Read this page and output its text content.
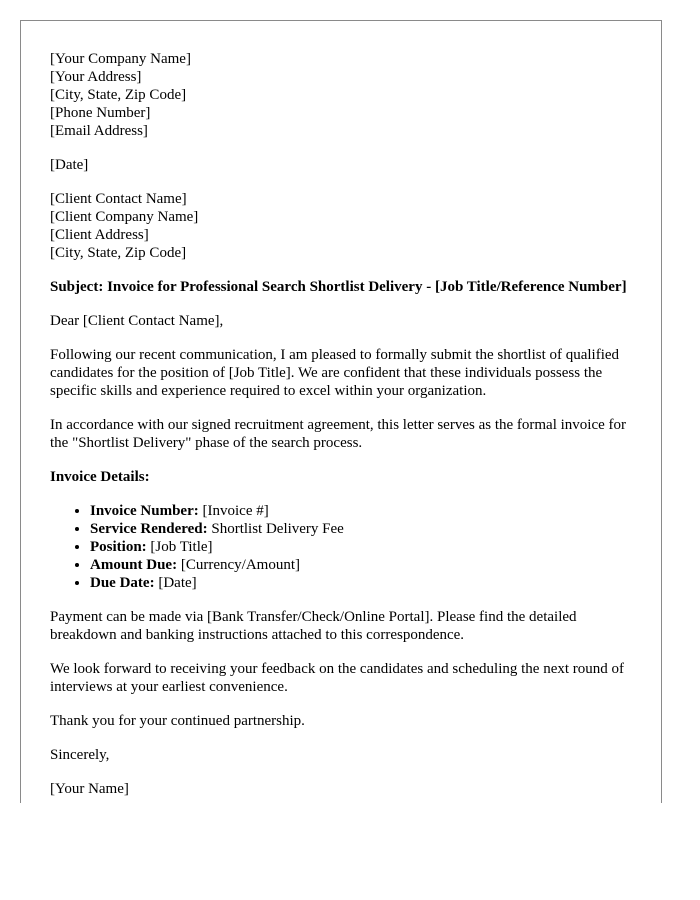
[Your Company Name]
[Your Address]
[City, State, Zip Code]
[Phone Number]
[Email Address]

[Date]

[Client Contact Name]
[Client Company Name]
[Client Address]
[City, State, Zip Code]

Subject: Invoice for Professional Search Shortlist Delivery - [Job Title/Reference Number]

Dear [Client Contact Name],

Following our recent communication, I am pleased to formally submit the shortlist of qualified candidates for the position of [Job Title]. We are confident that these individuals possess the specific skills and experience required to excel within your organization.

In accordance with our signed recruitment agreement, this letter serves as the formal invoice for the "Shortlist Delivery" phase of the search process.

Invoice Details:

• Invoice Number: [Invoice #]
• Service Rendered: Shortlist Delivery Fee
• Position: [Job Title]
• Amount Due: [Currency/Amount]
• Due Date: [Date]

Payment can be made via [Bank Transfer/Check/Online Portal]. Please find the detailed breakdown and banking instructions attached to this correspondence.

We look forward to receiving your feedback on the candidates and scheduling the next round of interviews at your earliest convenience.

Thank you for your continued partnership.

Sincerely,

[Your Name]
